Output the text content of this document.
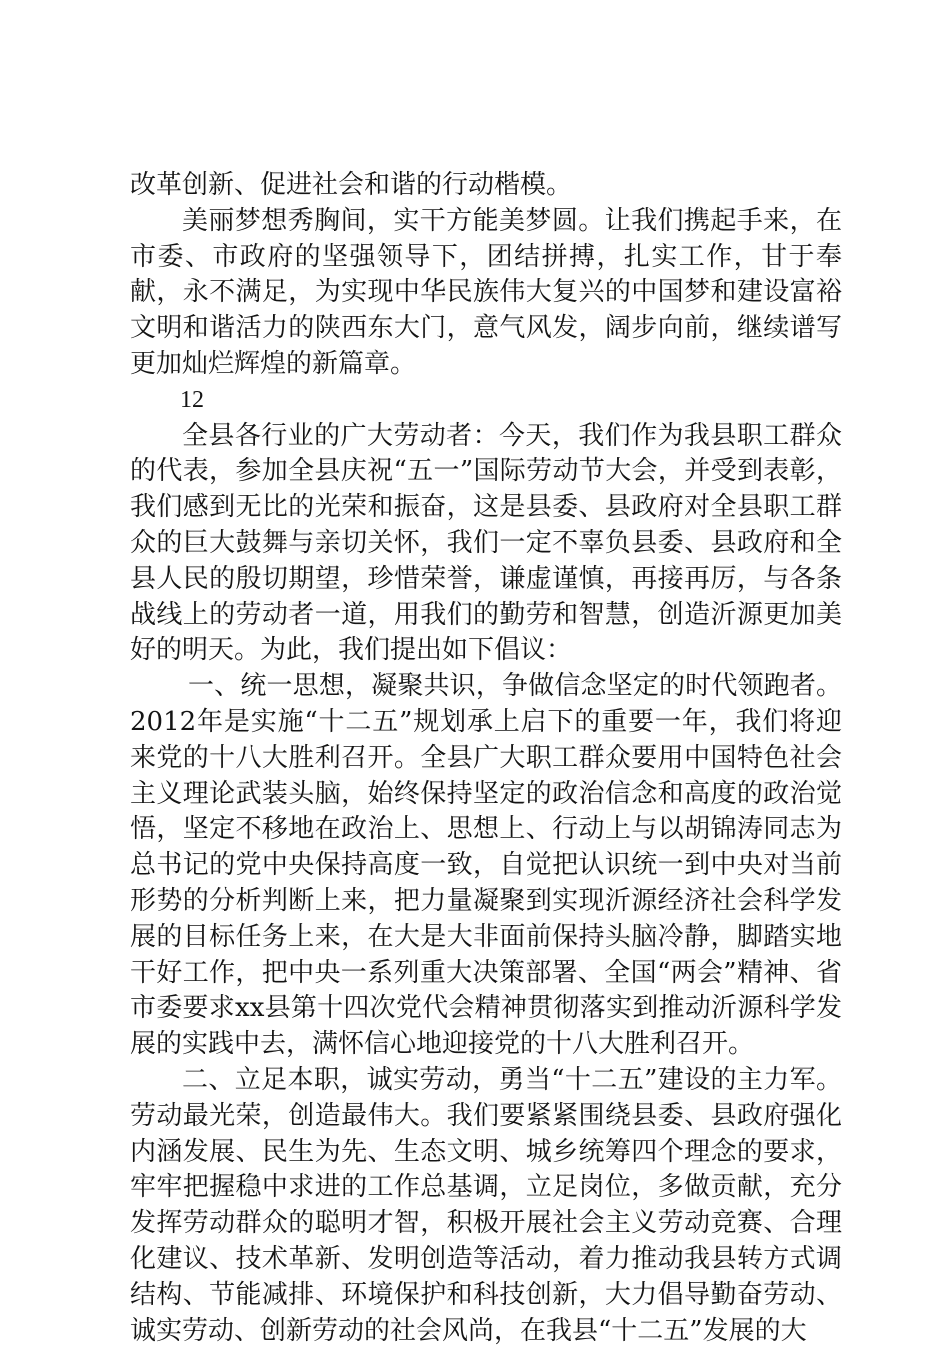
改革创新、促进社会和谐的行动楷模。

美丽梦想秀胸间，实干方能美梦圆。让我们携起手来，在市委、市政府的坚强领导下，团结拼搏，扎实工作，甘于奉献，永不满足，为实现中华民族伟大复兴的中国梦和建设富裕文明和谐活力的陕西东大门，意气风发，阔步向前，继续谱写更加灿烂辉煌的新篇章。

12

全县各行业的广大劳动者：今天，我们作为我县职工群众的代表，参加全县庆祝“五一”国际劳动节大会，并受到表彰，我们感到无比的光荣和振奋，这是县委、县政府对全县职工群众的巨大鼓舞与亲切关怀，我们一定不辜负县委、县政府和全县人民的殷切期望，珍惜荣誉，谦虚谨慎，再接再厉，与各条战线上的劳动者一道，用我们的勤劳和智慧，创造沂源更加美好的明天。为此，我们提出如下倡议：

一、统一思想，凝聚共识，争做信念坚定的时代领跑者。2012年是实施“十二五”规划承上启下的重要一年，我们将迎来党的十八大胜利召开。全县广大职工群众要用中国特色社会主义理论武装头脑，始终保持坚定的政治信念和高度的政治觉悟，坚定不移地在政治上、思想上、行动上与以胡锦涛同志为总书记的党中央保持高度一致，自觉把认识统一到中央对当前形势的分析判断上来，把力量凝聚到实现沂源经济社会科学发展的目标任务上来，在大是大非面前保持头脑冷静，脚踏实地干好工作，把中央一系列重大决策部署、全国“两会”精神、省市委要求xx县第十四次党代会精神贯彻落实到推动沂源科学发展的实践中去，满怀信心地迎接党的十八大胜利召开。

二、立足本职，诚实劳动，勇当“十二五”建设的主力军。劳动最光荣，创造最伟大。我们要紧紧围绕县委、县政府强化内涵发展、民生为先、生态文明、城乡统筹四个理念的要求，牢牢把握稳中求进的工作总基调，立足岗位，多做贡献，充分发挥劳动群众的聪明才智，积极开展社会主义劳动竞赛、合理化建议、技术革新、发明创造等活动，着力推动我县转方式调结构、节能减排、环境保护和科技创新，大力倡导勤奋劳动、诚实劳动、创新劳动的社会风尚，在我县“十二五”发展的大
